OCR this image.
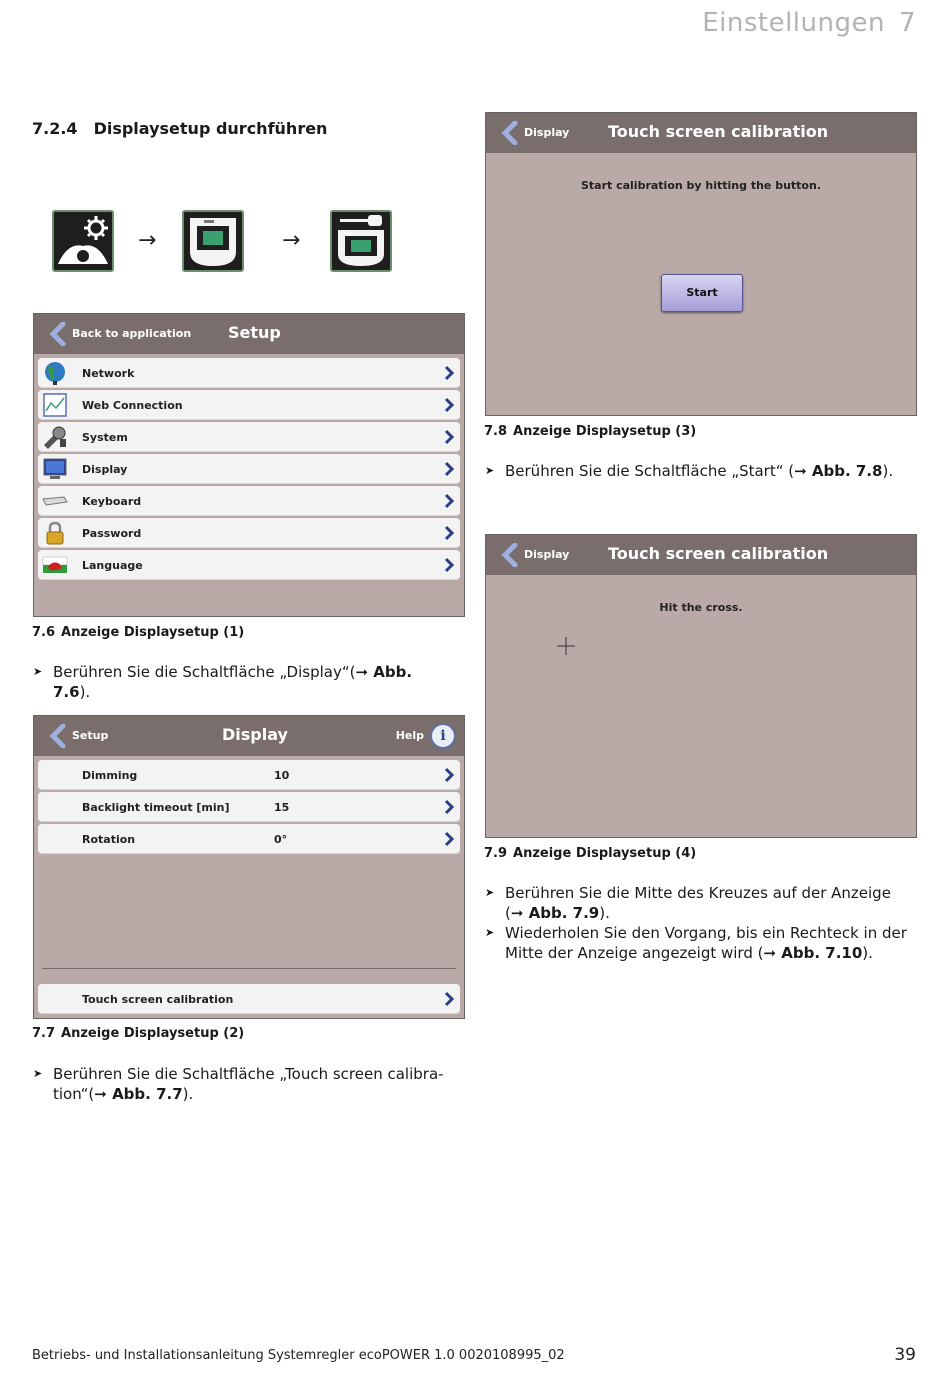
Einstellungen 7
7.2.4 Displaysetup durchführen
→	→
Back to application Setup
Network
Web Connection
System
Display
Keyboard
Password
Language
7.6 Anzeige Displaysetup (1)
➤ Berühren Sie die Schaltfläche „Display“(➞ Abb. 7.6).
Setup	Display	Help	i
Dimming	10
Backlight timeout [min]	15
Rotation	0°
Touch screen calibration
7.7 Anzeige Displaysetup (2)
➤ Berühren Sie die Schaltfläche „Touch screen calibra-
tion“(➞ Abb. 7.7).
Display Touch screen calibration
Start calibration by hitting the button.
Start
7.8 Anzeige Displaysetup (3)
➤ Berühren Sie die Schaltfläche „Start“ (➞ Abb. 7.8).
Display Touch screen calibration
Hit the cross.
7.9 Anzeige Displaysetup (4)
➤ Berühren Sie die Mitte des Kreuzes auf der Anzeige
(➞ Abb. 7.9).
➤ Wiederholen Sie den Vorgang, bis ein Rechteck in der
Mitte der Anzeige angezeigt wird (➞ Abb. 7.10).
Betriebs- und Installationsanleitung Systemregler ecoPOWER 1.0 0020108995_02	39
